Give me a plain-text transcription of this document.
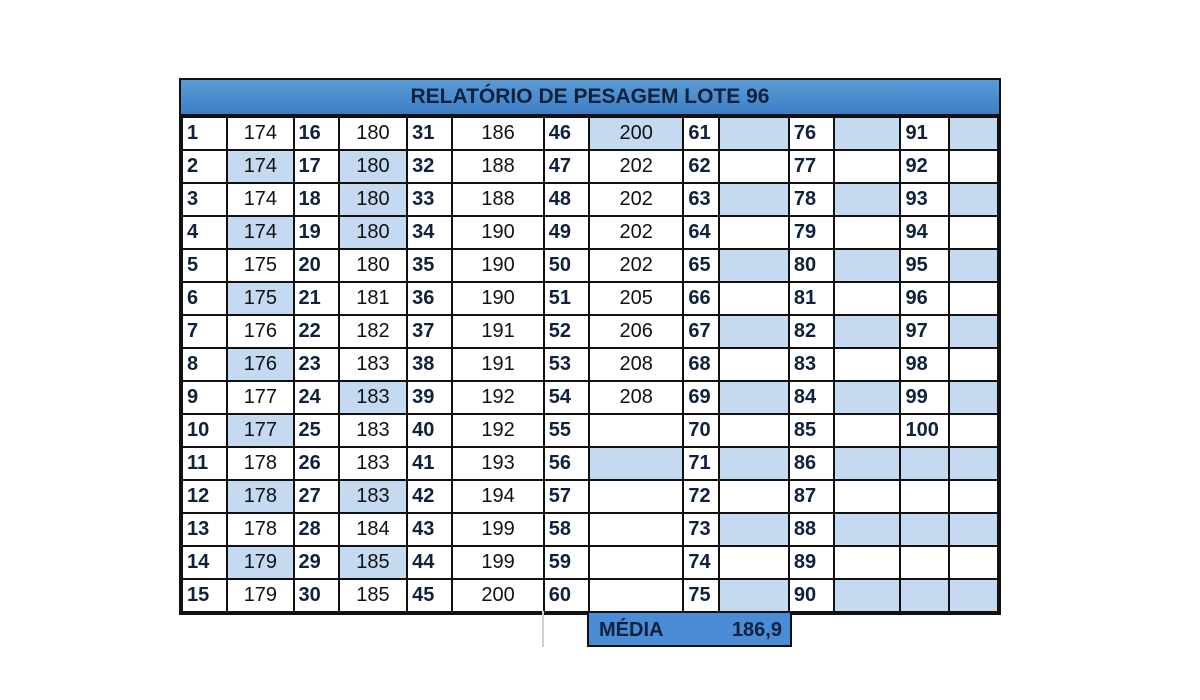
RELATÓRIO DE PESAGEM LOTE 96
1	174	16	180	31	186	46	200	61		76		91	
2	174	17	180	32	188	47	202	62		77		92	
3	174	18	180	33	188	48	202	63		78		93	
4	174	19	180	34	190	49	202	64		79		94	
5	175	20	180	35	190	50	202	65		80		95	
6	175	21	181	36	190	51	205	66		81		96	
7	176	22	182	37	191	52	206	67		82		97	
8	176	23	183	38	191	53	208	68		83		98	
9	177	24	183	39	192	54	208	69		84		99	
10	177	25	183	40	192	55		70		85		100	
11	178	26	183	41	193	56		71		86			
12	178	27	183	42	194	57		72		87			
13	178	28	184	43	199	58		73		88			
14	179	29	185	44	199	59		74		89			
15	179	30	185	45	200	60		75		90			
MÉDIA	186,9
